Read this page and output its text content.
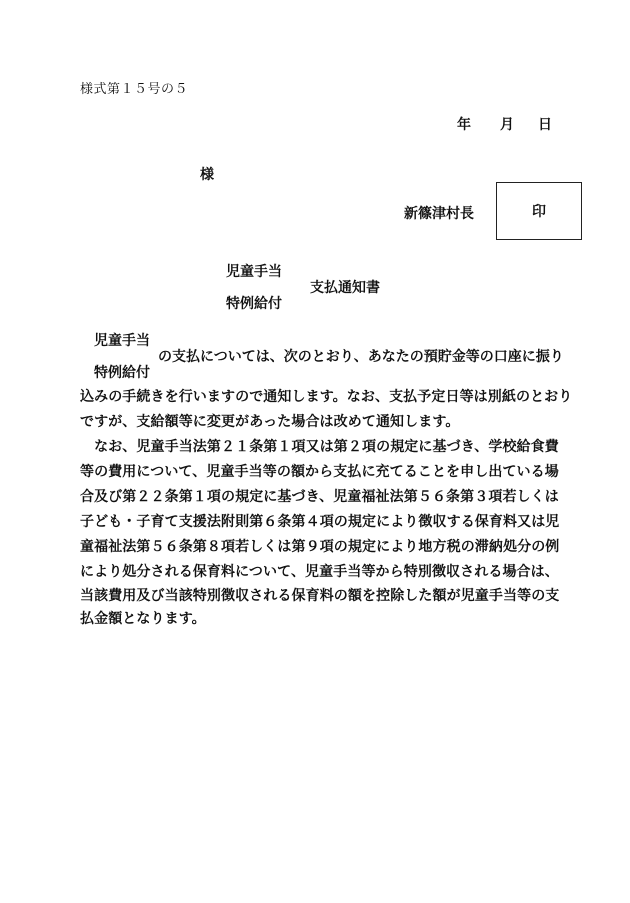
様式第１５号の５
年 月 日
様
新篠津村長	印
児童手当
支払通知書
特例給付
児童手当
の支払については、次のとおり、あなたの預貯金等の口座に振り
特例給付
込みの手続きを行いますので通知します。なお、支払予定日等は別紙のとおり
ですが、支給額等に変更があった場合は改めて通知します。
　なお、児童手当法第２１条第１項又は第２項の規定に基づき、学校給食費
等の費用について、児童手当等の額から支払に充てることを申し出ている場
合及び第２２条第１項の規定に基づき、児童福祉法第５６条第３項若しくは
子ども・子育て支援法附則第６条第４項の規定により徴収する保育料又は児
童福祉法第５６条第８項若しくは第９項の規定により地方税の滞納処分の例
により処分される保育料について、児童手当等から特別徴収される場合は、
当該費用及び当該特別徴収される保育料の額を控除した額が児童手当等の支
払金額となります。
